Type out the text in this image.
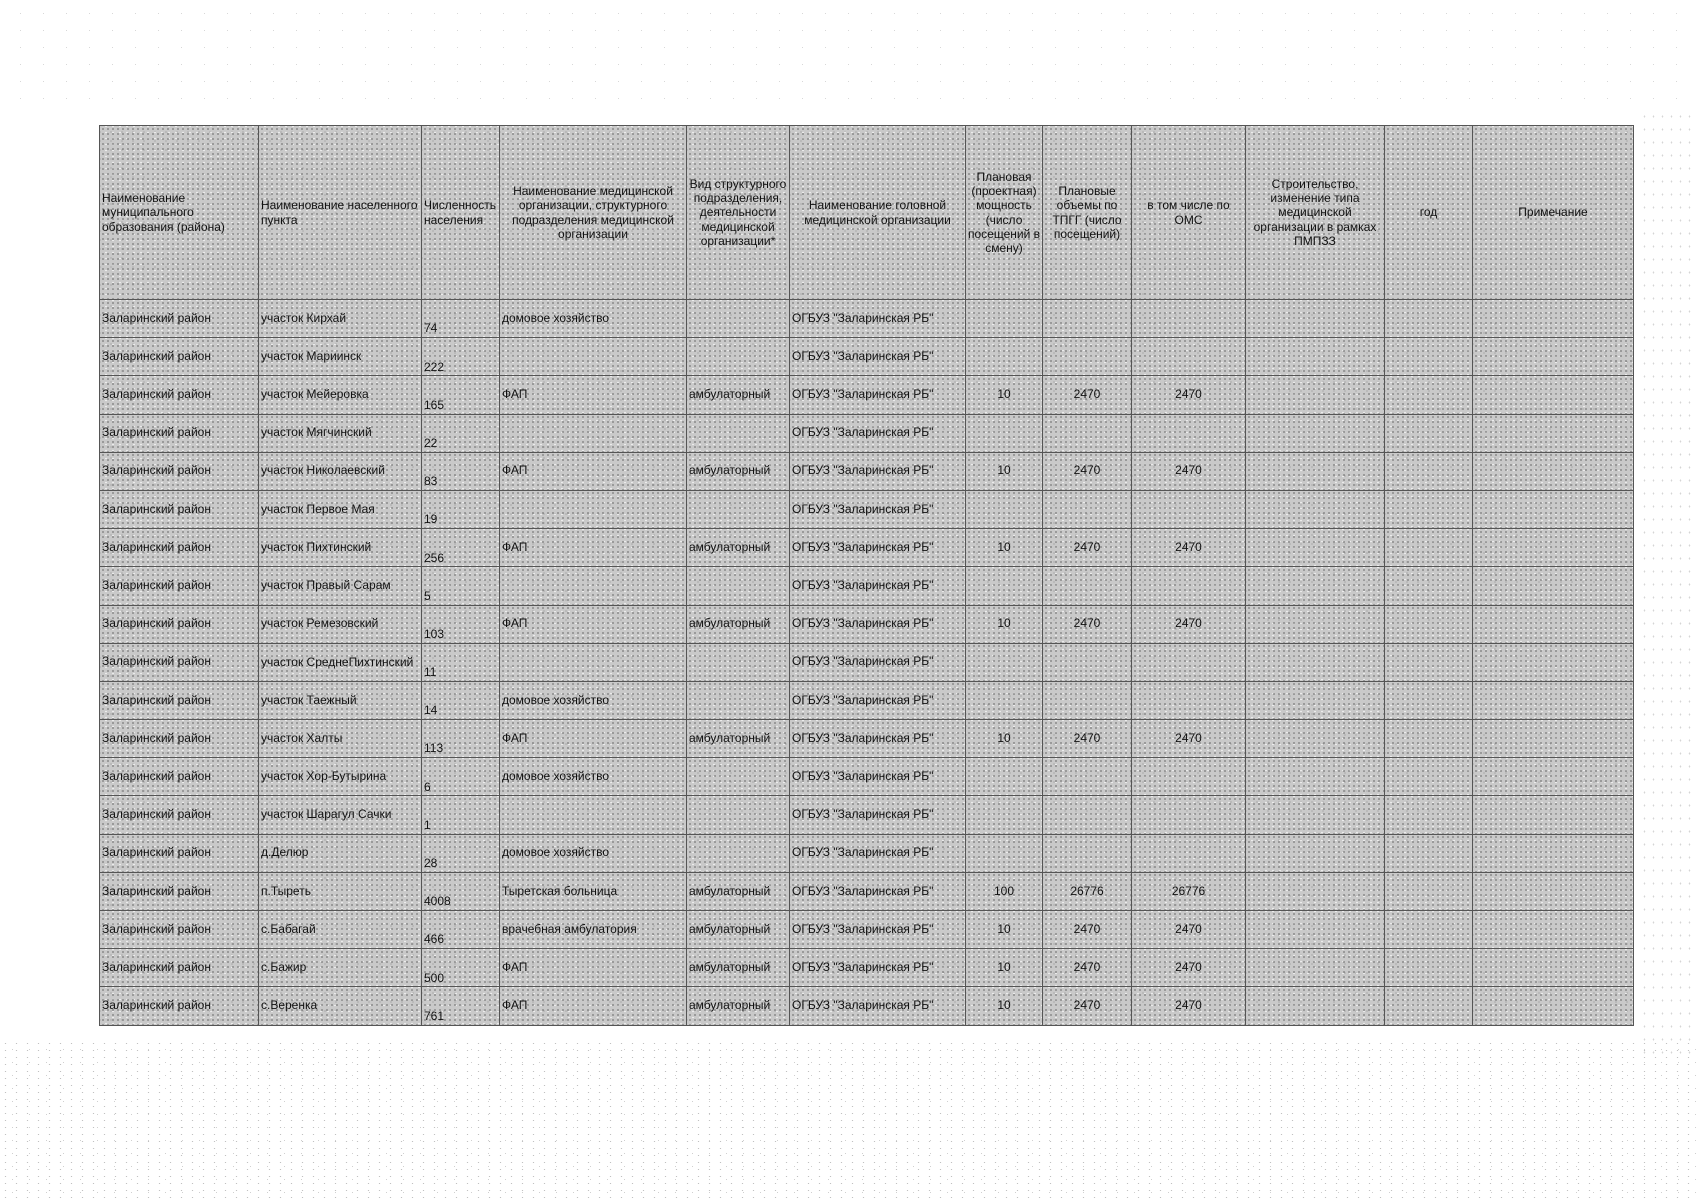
Наименование муниципального образования (района)	Наименование населенного пункта	Численность населения	Наименование медицинской организации, структурного подразделения медицинской организации	Вид структурного подразделения, деятельности медицинской организации*	Наименование головной медицинской организации	Плановая (проектная) мощность (число посещений в смену)	Плановые объемы по ТПГГ (число посещений)	в том числе по ОМС	Строительство, изменение типа медицинской организации в рамках ПМПЗЗ	год	Примечание
Заларинский район	участок Кирхай	74	домовое хозяйство		ОГБУЗ "Заларинская РБ"						
Заларинский район	участок Мариинск	222			ОГБУЗ "Заларинская РБ"						
Заларинский район	участок Мейеровка	165	ФАП	амбулаторный	ОГБУЗ "Заларинская РБ"	10	2470	2470			
Заларинский район	участок Мягчинский	22			ОГБУЗ "Заларинская РБ"						
Заларинский район	участок Николаевский	83	ФАП	амбулаторный	ОГБУЗ "Заларинская РБ"	10	2470	2470			
Заларинский район	участок Первое Мая	19			ОГБУЗ "Заларинская РБ"						
Заларинский район	участок Пихтинский	256	ФАП	амбулаторный	ОГБУЗ "Заларинская РБ"	10	2470	2470			
Заларинский район	участок Правый Сарам	5			ОГБУЗ "Заларинская РБ"						
Заларинский район	участок Ремезовский	103	ФАП	амбулаторный	ОГБУЗ "Заларинская РБ"	10	2470	2470			
Заларинский район	участок СреднеПихтинский	11			ОГБУЗ "Заларинская РБ"						
Заларинский район	участок Таежный	14	домовое хозяйство		ОГБУЗ "Заларинская РБ"						
Заларинский район	участок Халты	113	ФАП	амбулаторный	ОГБУЗ "Заларинская РБ"	10	2470	2470			
Заларинский район	участок Хор-Бутырина	6	домовое хозяйство		ОГБУЗ "Заларинская РБ"						
Заларинский район	участок Шарагул Сачки	1			ОГБУЗ "Заларинская РБ"						
Заларинский район	д.Делюр	28	домовое хозяйство		ОГБУЗ "Заларинская РБ"						
Заларинский район	п.Тыреть	4008	Тыретская больница	амбулаторный	ОГБУЗ "Заларинская РБ"	100	26776	26776			
Заларинский район	с.Бабагай	466	врачебная амбулатория	амбулаторный	ОГБУЗ "Заларинская РБ"	10	2470	2470			
Заларинский район	с.Бажир	500	ФАП	амбулаторный	ОГБУЗ "Заларинская РБ"	10	2470	2470			
Заларинский район	с.Веренка	761	ФАП	амбулаторный	ОГБУЗ "Заларинская РБ"	10	2470	2470			
